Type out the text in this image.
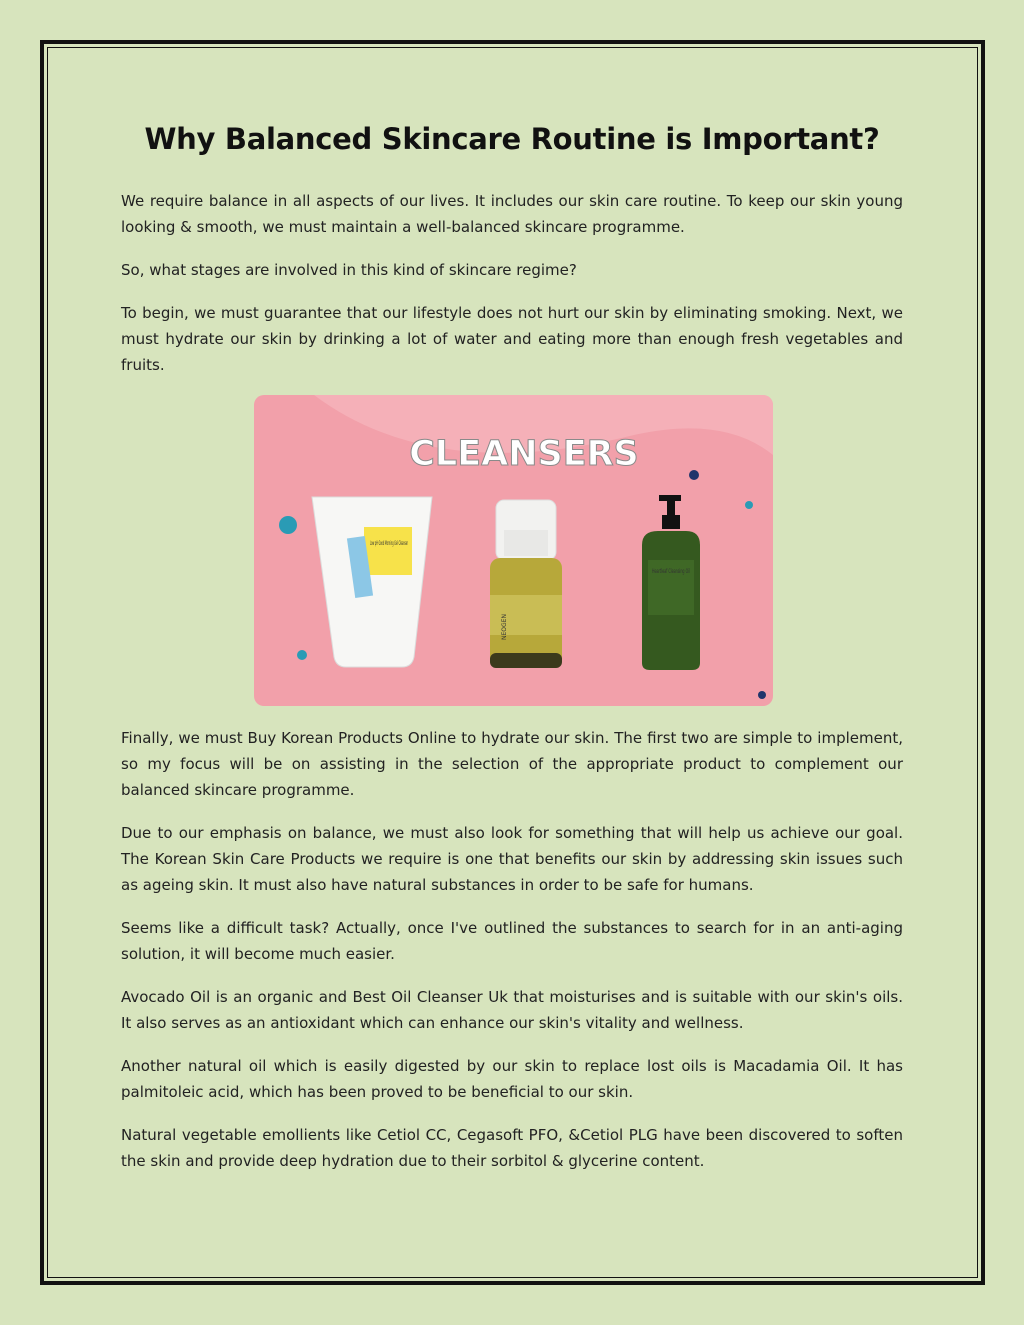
Why Balanced Skincare Routine is Important?

We require balance in all aspects of our lives. It includes our skin care routine. To keep our skin young looking & smooth, we must maintain a well-balanced skincare programme.

So, what stages are involved in this kind of skincare regime?

To begin, we must guarantee that our lifestyle does not hurt our skin by eliminating smoking. Next, we must hydrate our skin by drinking a lot of water and eating more than enough fresh vegetables and fruits.

CLEANSERS
Low pH Good Morning Gel Cleanser
NEOGEN
Heartleaf Cleansing Oil

Finally, we must Buy Korean Products Online to hydrate our skin. The first two are simple to implement, so my focus will be on assisting in the selection of the appropriate product to complement our balanced skincare programme.

Due to our emphasis on balance, we must also look for something that will help us achieve our goal. The Korean Skin Care Products we require is one that benefits our skin by addressing skin issues such as ageing skin. It must also have natural substances in order to be safe for humans.

Seems like a difficult task? Actually, once I've outlined the substances to search for in an anti-aging solution, it will become much easier.

Avocado Oil is an organic and Best Oil Cleanser Uk that moisturises and is suitable with our skin's oils. It also serves as an antioxidant which can enhance our skin's vitality and wellness.

Another natural oil which is easily digested by our skin to replace lost oils is Macadamia Oil. It has palmitoleic acid, which has been proved to be beneficial to our skin.

Natural vegetable emollients like Cetiol CC, Cegasoft PFO, &Cetiol PLG have been discovered to soften the skin and provide deep hydration due to their sorbitol & glycerine content.
